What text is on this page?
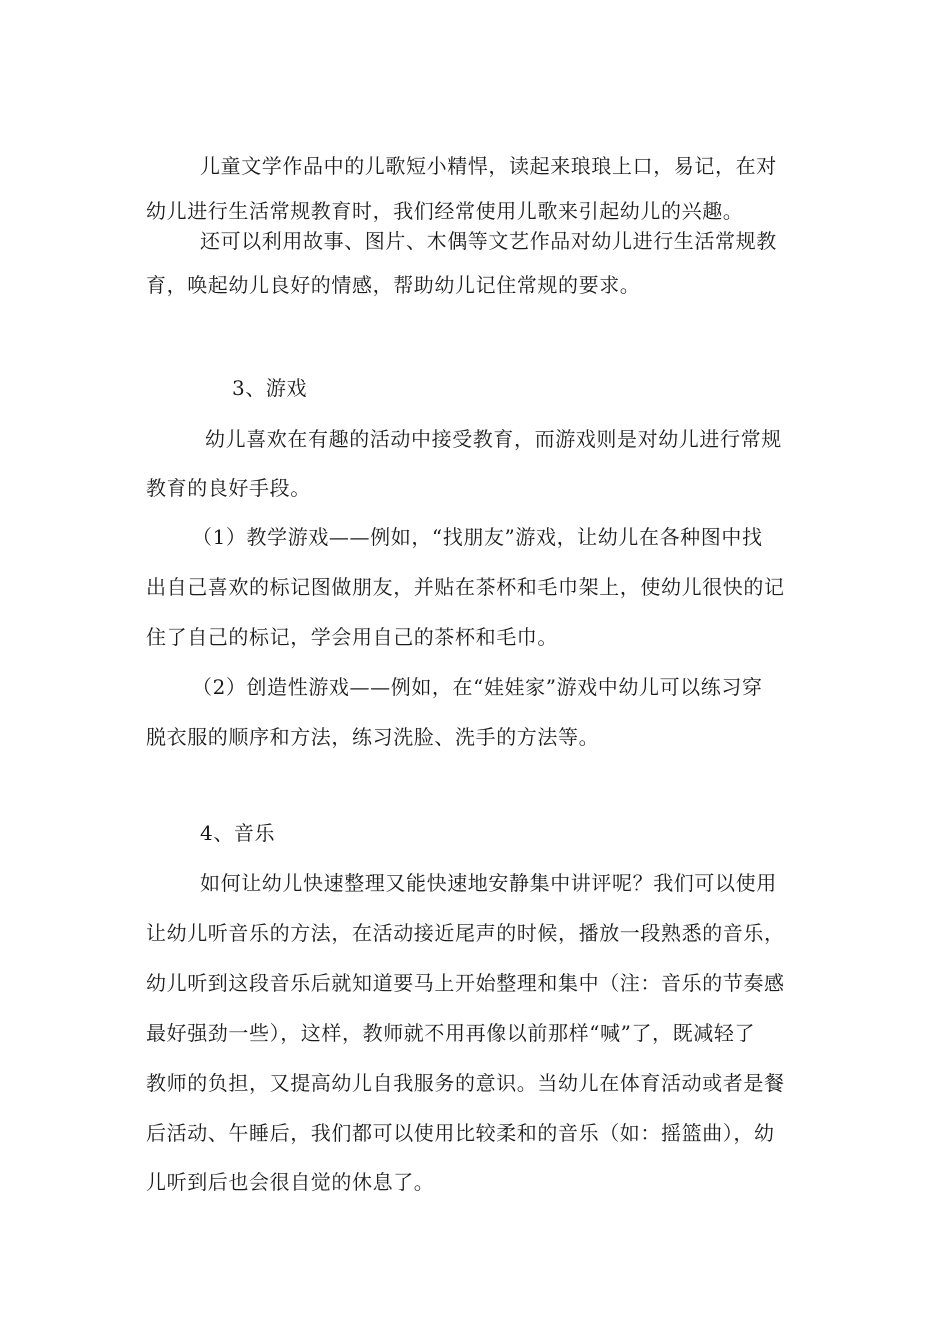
儿童文学作品中的儿歌短小精悍，读起来琅琅上口，易记，在对
幼儿进行生活常规教育时，我们经常使用儿歌来引起幼儿的兴趣。
还可以利用故事、图片、木偶等文艺作品对幼儿进行生活常规教
育，唤起幼儿良好的情感，帮助幼儿记住常规的要求。
3、游戏
幼儿喜欢在有趣的活动中接受教育，而游戏则是对幼儿进行常规
教育的良好手段。
（1）教学游戏——例如，“找朋友”游戏，让幼儿在各种图中找
出自己喜欢的标记图做朋友，并贴在茶杯和毛巾架上，使幼儿很快的记
住了自己的标记，学会用自己的茶杯和毛巾。
（2）创造性游戏——例如，在“娃娃家”游戏中幼儿可以练习穿
脱衣服的顺序和方法，练习洗脸、洗手的方法等。
4、音乐
如何让幼儿快速整理又能快速地安静集中讲评呢？我们可以使用
让幼儿听音乐的方法，在活动接近尾声的时候，播放一段熟悉的音乐，
幼儿听到这段音乐后就知道要马上开始整理和集中（注：音乐的节奏感
最好强劲一些），这样，教师就不用再像以前那样“喊”了，既减轻了
教师的负担，又提高幼儿自我服务的意识。当幼儿在体育活动或者是餐
后活动、午睡后，我们都可以使用比较柔和的音乐（如：摇篮曲），幼
儿听到后也会很自觉的休息了。
